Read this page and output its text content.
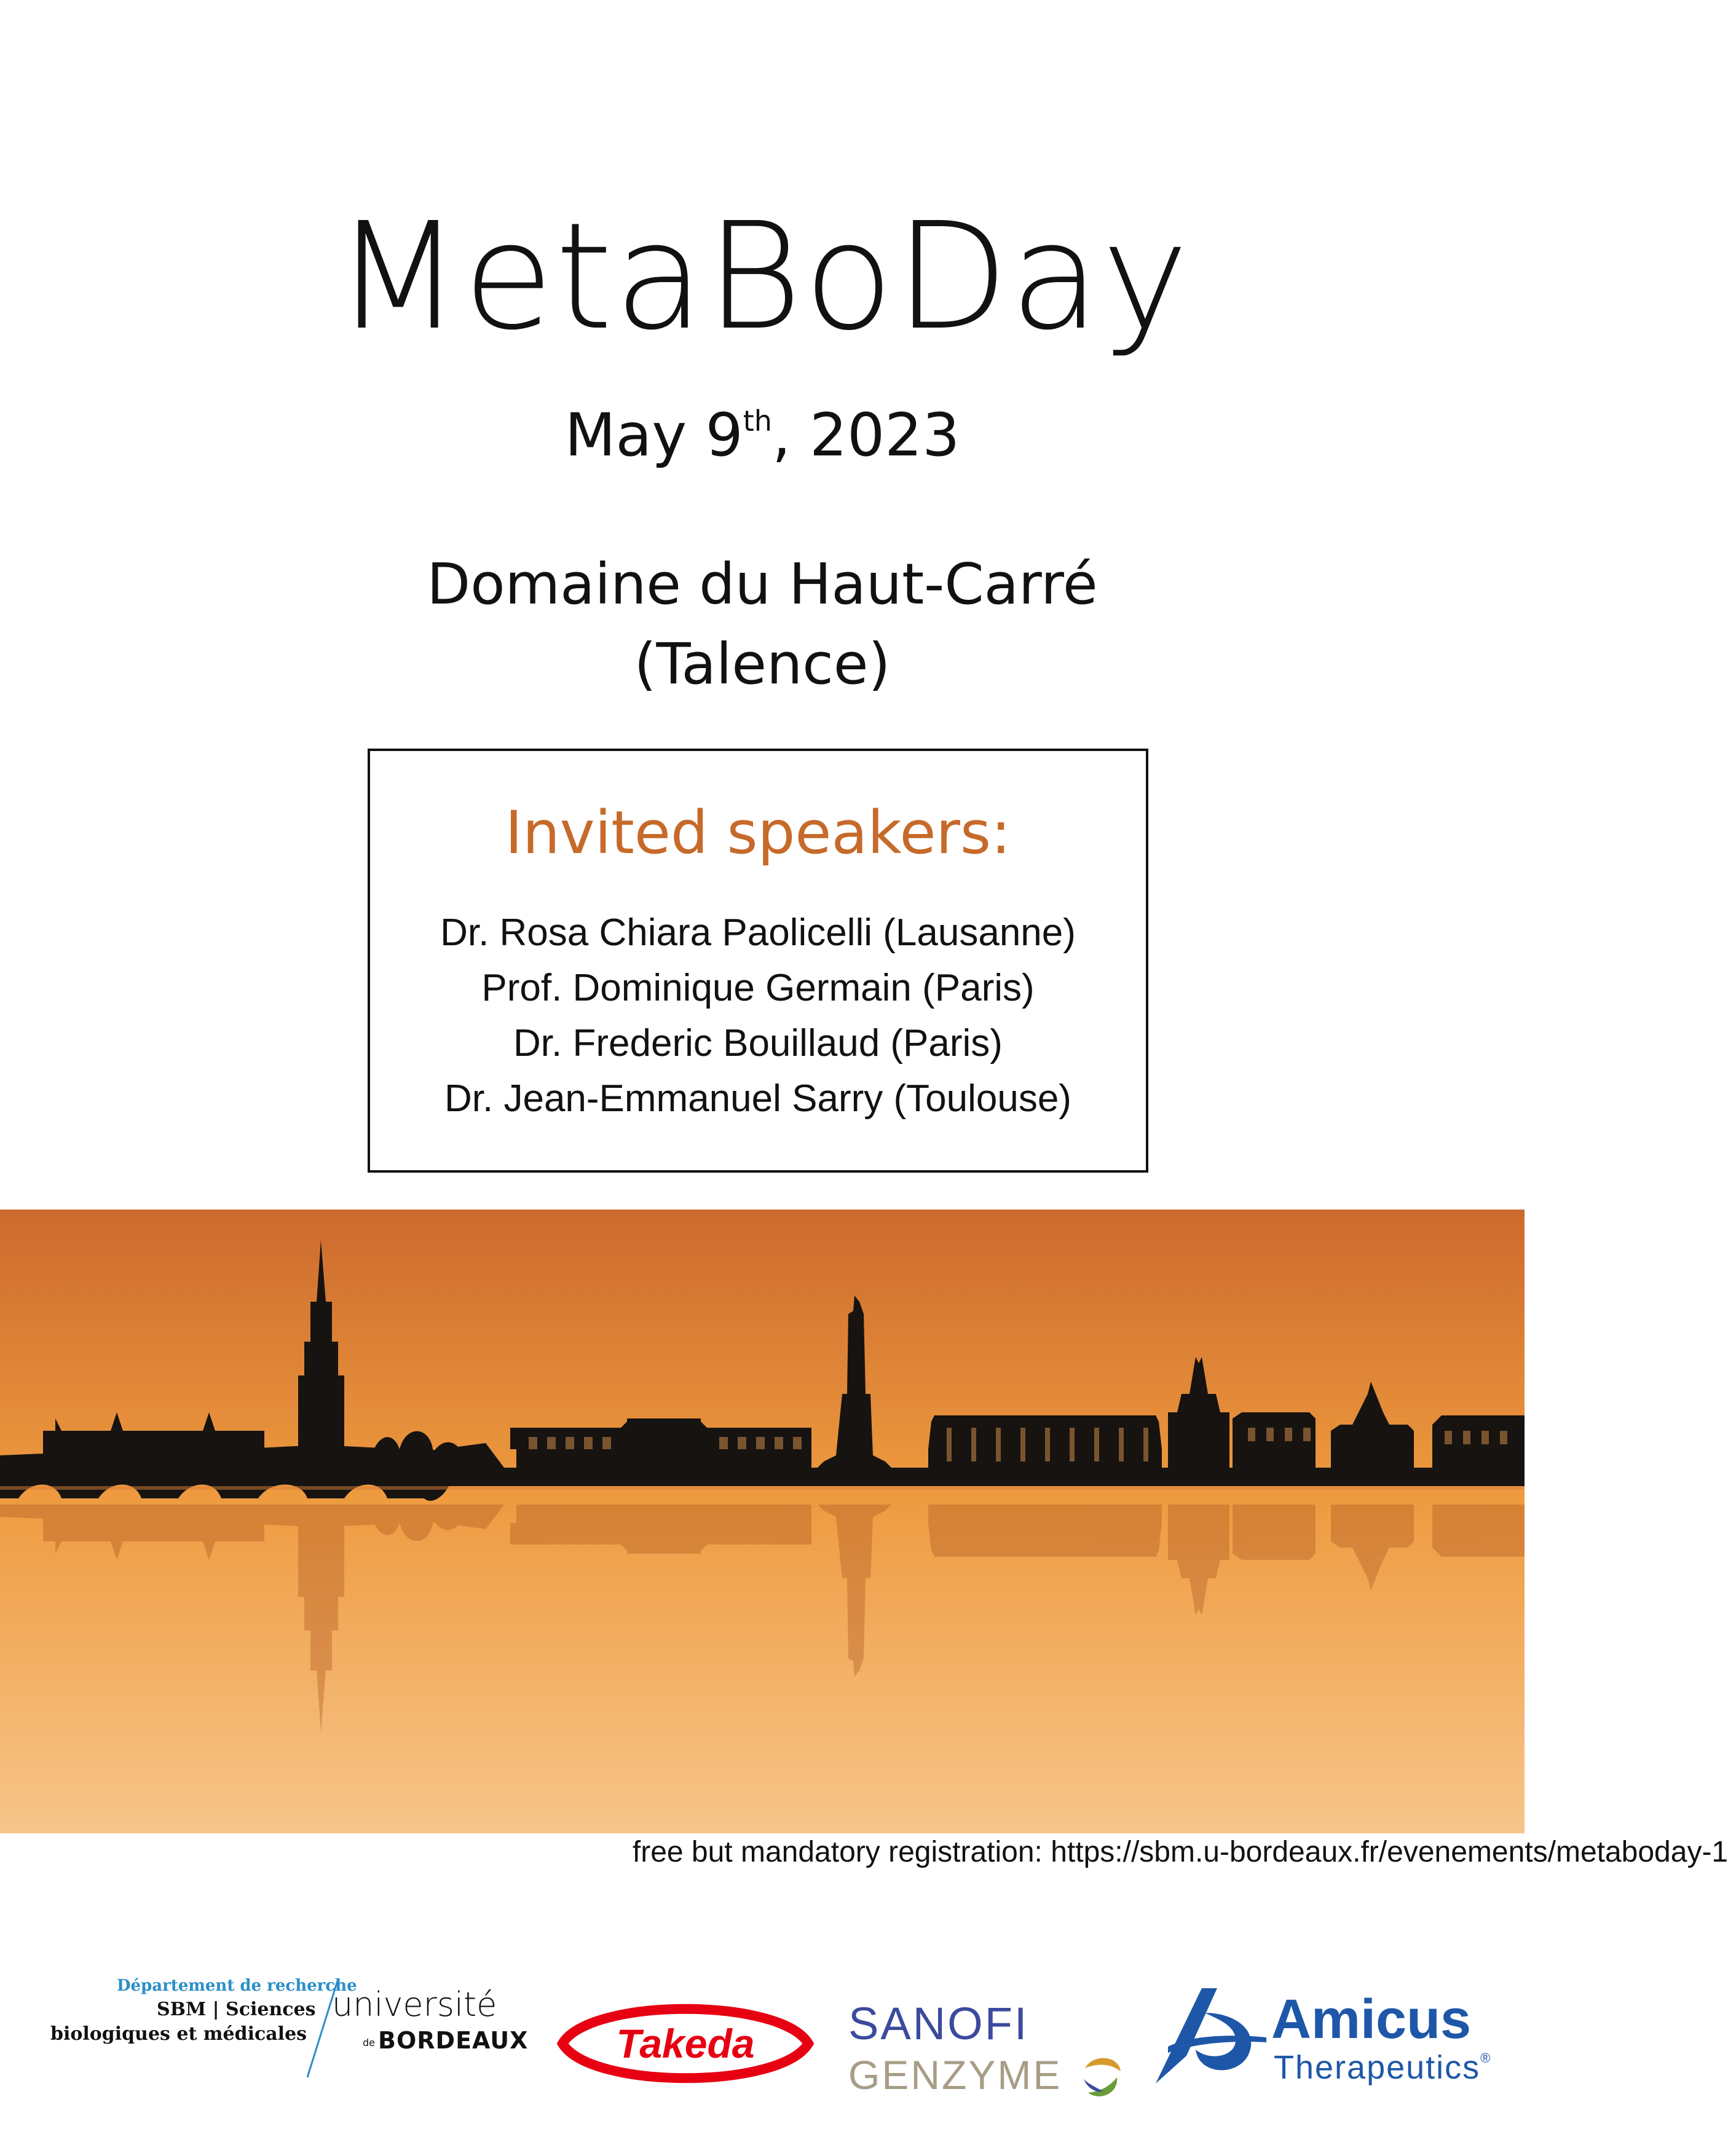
MetaBoDay
May 9th, 2023
Domaine du Haut-Carré
(Talence)
Invited speakers:
Dr. Rosa Chiara Paolicelli (Lausanne)
Prof. Dominique Germain (Paris)
Dr. Frederic Bouillaud (Paris)
Dr. Jean-Emmanuel Sarry (Toulouse)
free but mandatory registration: https://sbm.u-bordeaux.fr/evenements/metaboday-1
Département de recherche
SBM | Sciences
biologiques et médicales
université
de BORDEAUX	Takeda	SANOFI
GENZYME
Amicus
Therapeutics®
